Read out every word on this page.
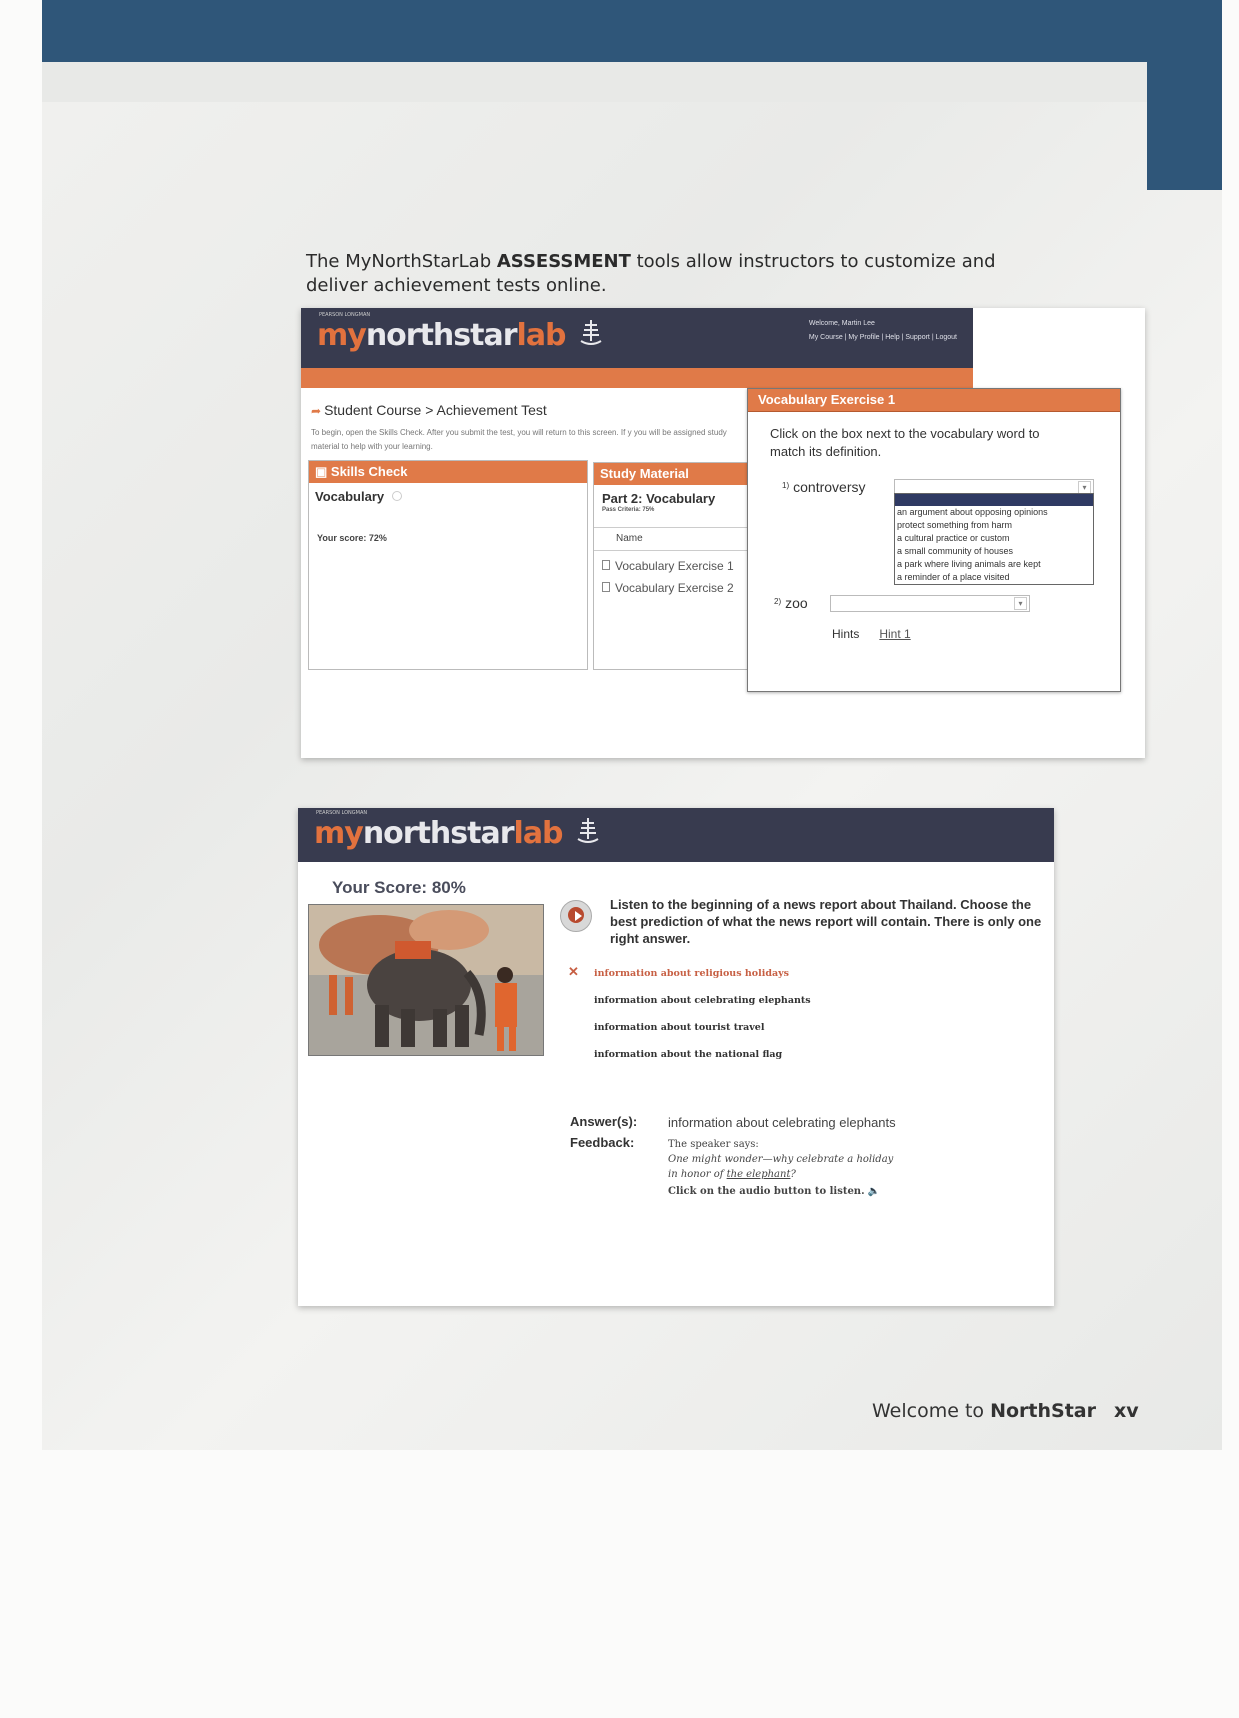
The MyNorthStarLab ASSESSMENT tools allow instructors to customize and deliver achievement tests online.

PEARSON LONGMAN
mynorthstarlab	Welcome, Martin Lee
My Course | My Profile | Help | Support | Logout
➦ Student Course > Achievement Test
To begin, open the Skills Check. After you submit the test, you will return to this screen. If y you will be assigned study material to help with your learning.
▣ Skills Check
Vocabulary
Your score: 72%
Study Material
Part 2: Vocabulary
Pass Criteria: 75%
Name
Vocabulary Exercise 1
Vocabulary Exercise 2
Vocabulary Exercise 1
Click on the box next to the vocabulary word to match its definition.
$^{1)}$ controversy	▾
an argument about opposing opinions
protect something from harm
a cultural practice or custom
a small community of houses
a park where living animals are kept
a reminder of a place visited
$^{2)}$ zoo	▾
Hints Hint 1
PEARSON LONGMAN
mynorthstarlab
Your Score: 80%
Listen to the beginning of a news report about Thailand. Choose the best prediction of what the news report will contain. There is only one right answer.
✕ information about religious holidays
information about celebrating elephants
information about tourist travel
information about the national flag
Answer(s): information about celebrating elephants
Feedback:	The speaker says:
One might wonder—why celebrate a holiday
in honor of the elephant?
Click on the audio button to listen. 🔈
Welcome to NorthStar xv
